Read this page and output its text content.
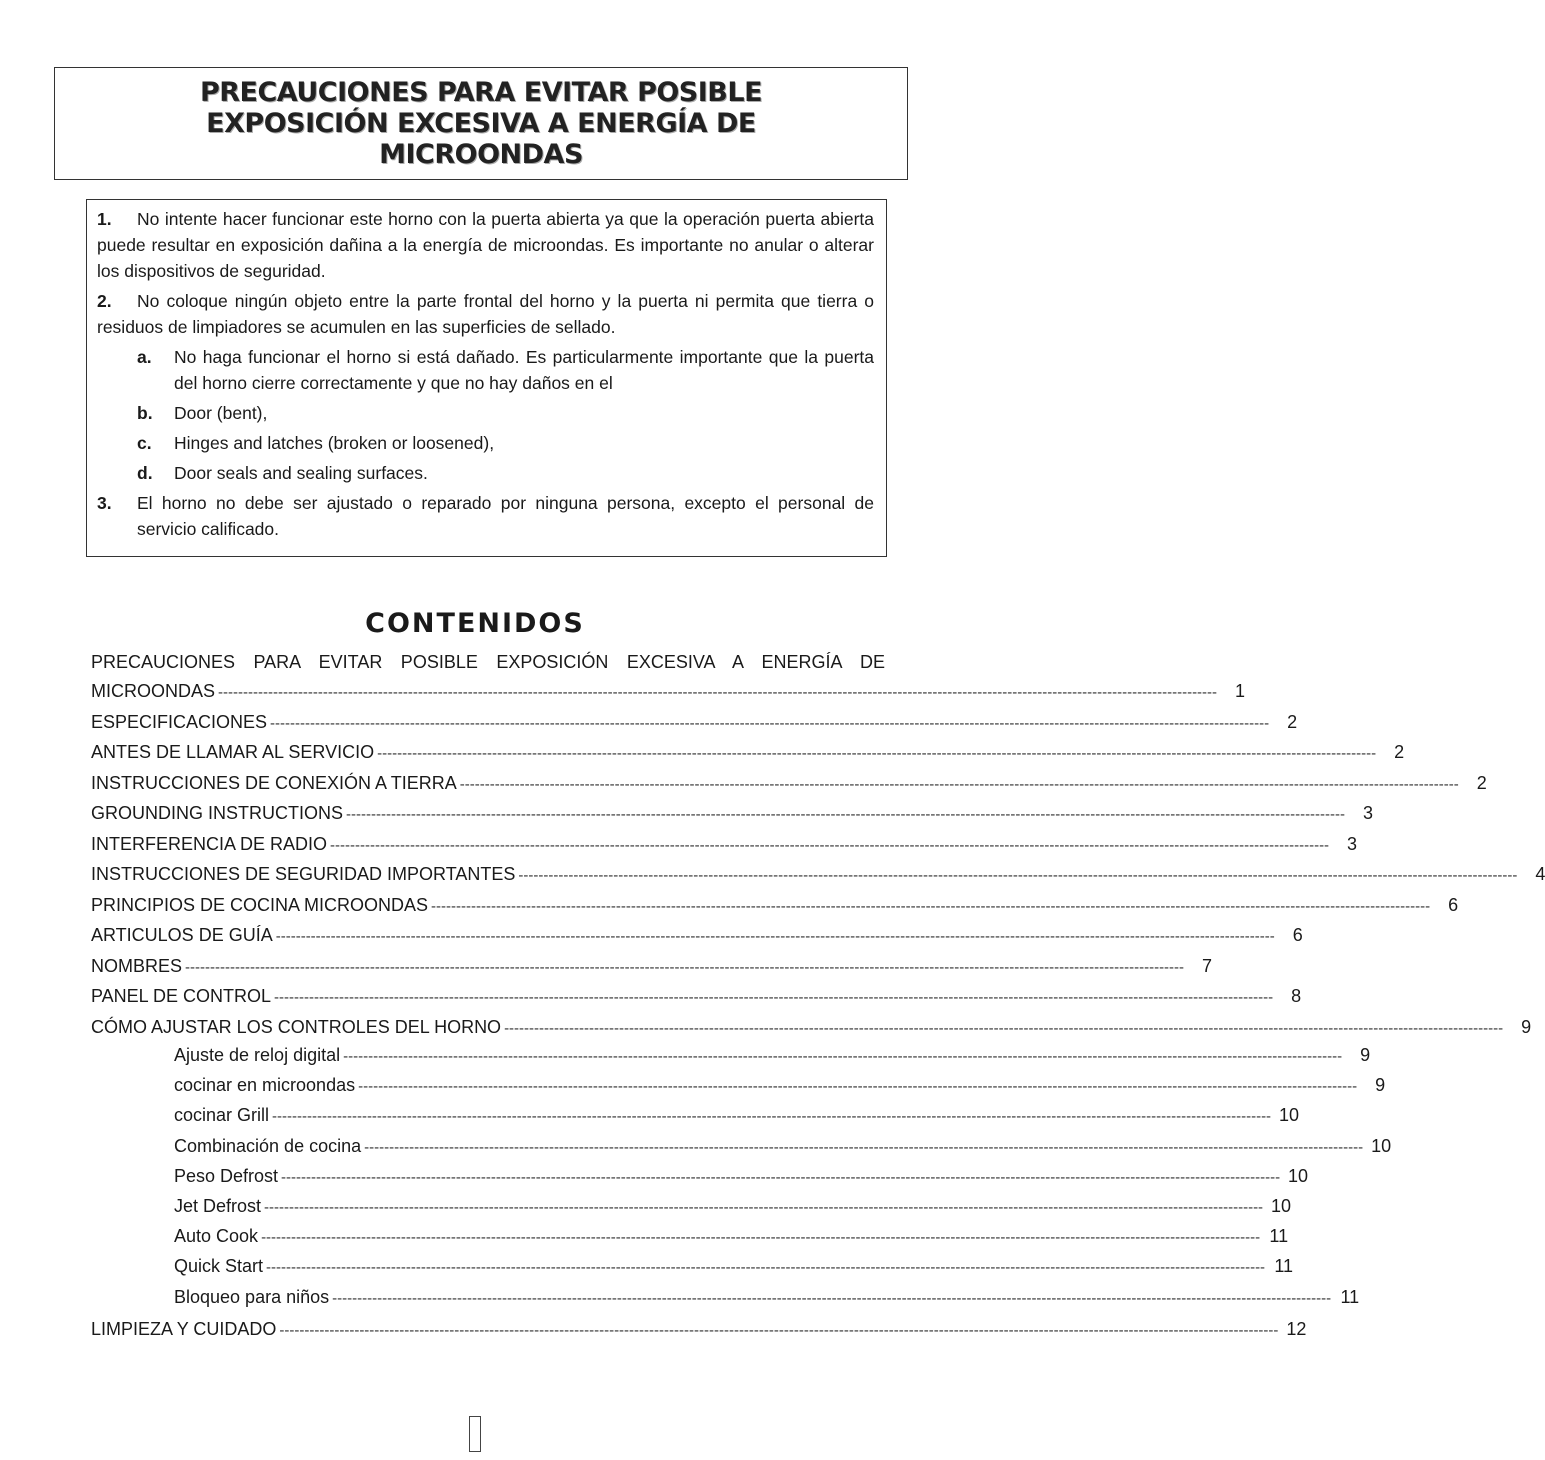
PRECAUCIONES PARA EVITAR POSIBLE
EXPOSICIÓN EXCESIVA A ENERGÍA DE
MICROONDAS

1. No intente hacer funcionar este horno con la puerta abierta ya que la operación puerta abierta puede resultar en exposición dañina a la energía de microondas. Es importante no anular o alterar los dispositivos de seguridad.

2. No coloque ningún objeto entre la parte frontal del horno y la puerta ni permita que tierra o residuos de limpiadores se acumulen en las superficies de sellado.

a.	No haga funcionar el horno si está dañado. Es particularmente importante que la puerta del horno cierre correctamente y que no hay daños en el
b.	Door (bent),
c.	Hinges and latches (broken or loosened),
d.	Door seals and sealing surfaces.
3.	El horno no debe ser ajustado o reparado por ninguna persona, excepto el personal de servicio calificado.
CONTENIDOS
PRECAUCIONES PARA EVITAR POSIBLE EXPOSICIÓN EXCESIVA A ENERGÍA DE
MICROONDAS -------------------------------------------------------------------------------------------------------------------------------------------------------------------------------------------------------- 1
ESPECIFICACIONES -------------------------------------------------------------------------------------------------------------------------------------------------------------------------------------------------------- 2
ANTES DE LLAMAR AL SERVICIO -------------------------------------------------------------------------------------------------------------------------------------------------------------------------------------------------------- 2
INSTRUCCIONES DE CONEXIÓN A TIERRA -------------------------------------------------------------------------------------------------------------------------------------------------------------------------------------------------------- 2
GROUNDING INSTRUCTIONS -------------------------------------------------------------------------------------------------------------------------------------------------------------------------------------------------------- 3
INTERFERENCIA DE RADIO -------------------------------------------------------------------------------------------------------------------------------------------------------------------------------------------------------- 3
INSTRUCCIONES DE SEGURIDAD IMPORTANTES -------------------------------------------------------------------------------------------------------------------------------------------------------------------------------------------------------- 4
PRINCIPIOS DE COCINA MICROONDAS -------------------------------------------------------------------------------------------------------------------------------------------------------------------------------------------------------- 6
ARTICULOS DE GUÍA -------------------------------------------------------------------------------------------------------------------------------------------------------------------------------------------------------- 6
NOMBRES -------------------------------------------------------------------------------------------------------------------------------------------------------------------------------------------------------- 7
PANEL DE CONTROL -------------------------------------------------------------------------------------------------------------------------------------------------------------------------------------------------------- 8
CÓMO AJUSTAR LOS CONTROLES DEL HORNO -------------------------------------------------------------------------------------------------------------------------------------------------------------------------------------------------------- 9
Ajuste de reloj digital -------------------------------------------------------------------------------------------------------------------------------------------------------------------------------------------------------- 9
cocinar en microondas -------------------------------------------------------------------------------------------------------------------------------------------------------------------------------------------------------- 9
cocinar Grill -------------------------------------------------------------------------------------------------------------------------------------------------------------------------------------------------------- 10
Combinación de cocina -------------------------------------------------------------------------------------------------------------------------------------------------------------------------------------------------------- 10
Peso Defrost -------------------------------------------------------------------------------------------------------------------------------------------------------------------------------------------------------- 10
Jet Defrost -------------------------------------------------------------------------------------------------------------------------------------------------------------------------------------------------------- 10
Auto Cook -------------------------------------------------------------------------------------------------------------------------------------------------------------------------------------------------------- 11
Quick Start -------------------------------------------------------------------------------------------------------------------------------------------------------------------------------------------------------- 11
Bloqueo para niños -------------------------------------------------------------------------------------------------------------------------------------------------------------------------------------------------------- 11
LIMPIEZA Y CUIDADO -------------------------------------------------------------------------------------------------------------------------------------------------------------------------------------------------------- 12
